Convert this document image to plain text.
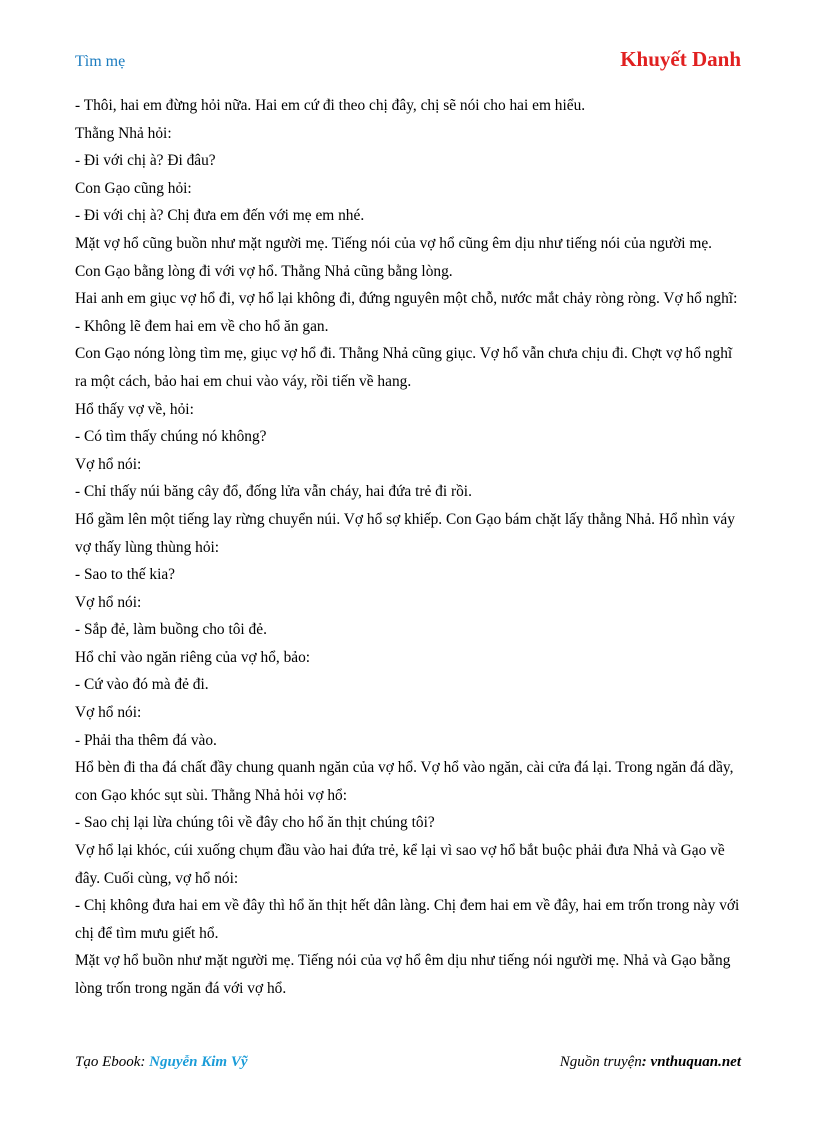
Tìm mẹ	Khuyết Danh

- Thôi, hai em đừng hỏi nữa. Hai em cứ đi theo chị đây, chị sẽ nói cho hai em hiểu.

Thằng Nhả hỏi:

- Đi với chị à? Đi đâu?

Con Gạo cũng hỏi:

- Đi với chị à? Chị đưa em đến với mẹ em nhé.

Mặt vợ hổ cũng buồn như mặt người mẹ. Tiếng nói của vợ hổ cũng êm dịu như tiếng nói của người mẹ. Con Gạo bằng lòng đi với vợ hổ. Thằng Nhả cũng bằng lòng.

Hai anh em giục vợ hổ đi, vợ hổ lại không đi, đứng nguyên một chỗ, nước mắt chảy ròng ròng. Vợ hổ nghĩ:

- Không lẽ đem hai em về cho hổ ăn gan.

Con Gạo nóng lòng tìm mẹ, giục vợ hổ đi. Thằng Nhả cũng giục. Vợ hổ vẫn chưa chịu đi. Chợt vợ hổ nghĩ ra một cách, bảo hai em chui vào váy, rồi tiến về hang.

Hổ thấy vợ về, hỏi:

- Có tìm thấy chúng nó không?

Vợ hổ nói:

- Chỉ thấy núi băng cây đổ, đống lửa vẫn cháy, hai đứa trẻ đi rồi.

Hổ gầm lên một tiếng lay rừng chuyển núi. Vợ hổ sợ khiếp. Con Gạo bám chặt lấy thằng Nhả. Hổ nhìn váy vợ thấy lùng thùng hỏi:

- Sao to thế kia?

Vợ hổ nói:

- Sắp đẻ, làm buồng cho tôi đẻ.

Hổ chỉ vào ngăn riêng của vợ hổ, bảo:

- Cứ vào đó mà đẻ đi.

Vợ hổ nói:

- Phải tha thêm đá vào.

Hổ bèn đi tha đá chất đầy chung quanh ngăn của vợ hổ. Vợ hổ vào ngăn, cài cửa đá lại. Trong ngăn đá dầy, con Gạo khóc sụt sùi. Thằng Nhả hỏi vợ hổ:

- Sao chị lại lừa chúng tôi về đây cho hổ ăn thịt chúng tôi?

Vợ hổ lại khóc, cúi xuống chụm đầu vào hai đứa trẻ, kể lại vì sao vợ hổ bắt buộc phải đưa Nhả và Gạo về đây. Cuối cùng, vợ hổ nói:

- Chị không đưa hai em về đây thì hổ ăn thịt hết dân làng. Chị đem hai em về đây, hai em trốn trong này với chị để tìm mưu giết hổ.

Mặt vợ hổ buồn như mặt người mẹ. Tiếng nói của vợ hổ êm dịu như tiếng nói người mẹ. Nhả và Gạo bằng lòng trốn trong ngăn đá với vợ hổ.

Tạo Ebook: Nguyễn Kim Vỹ	Nguồn truyện: vnthuquan.net
